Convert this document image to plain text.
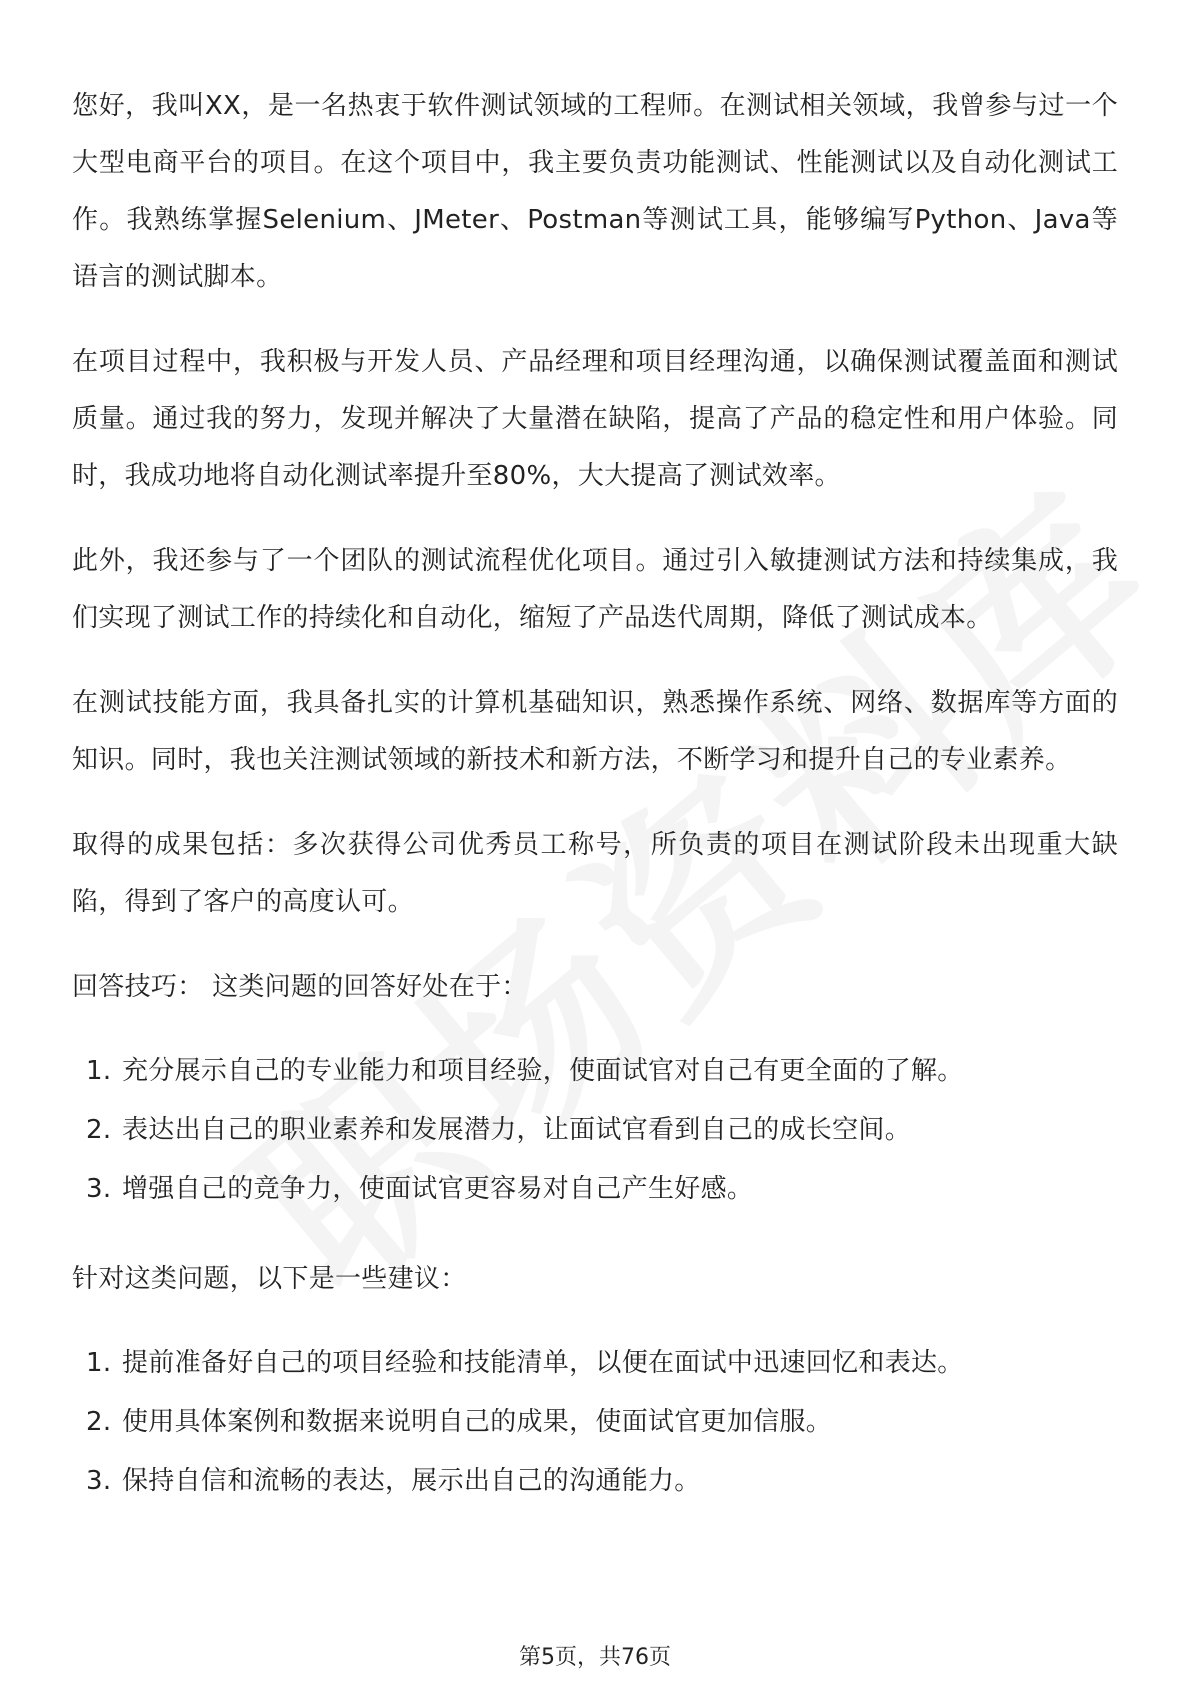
您好，我叫XX，是一名热衷于软件测试领域的工程师。在测试相关领域，我曾参与过一个大型电商平台的项目。在这个项目中，我主要负责功能测试、性能测试以及自动化测试工作。我熟练掌握Selenium、JMeter、Postman等测试工具，能够编写Python、Java等语言的测试脚本。

在项目过程中，我积极与开发人员、产品经理和项目经理沟通，以确保测试覆盖面和测试质量。通过我的努力，发现并解决了大量潜在缺陷，提高了产品的稳定性和用户体验。同时，我成功地将自动化测试率提升至80%，大大提高了测试效率。

此外，我还参与了一个团队的测试流程优化项目。通过引入敏捷测试方法和持续集成，我们实现了测试工作的持续化和自动化，缩短了产品迭代周期，降低了测试成本。

在测试技能方面，我具备扎实的计算机基础知识，熟悉操作系统、网络、数据库等方面的知识。同时，我也关注测试领域的新技术和新方法，不断学习和提升自己的专业素养。

取得的成果包括：多次获得公司优秀员工称号，所负责的项目在测试阶段未出现重大缺陷，得到了客户的高度认可。

回答技巧： 这类问题的回答好处在于：

1. 充分展示自己的专业能力和项目经验，使面试官对自己有更全面的了解。
2. 表达出自己的职业素养和发展潜力，让面试官看到自己的成长空间。
3. 增强自己的竞争力，使面试官更容易对自己产生好感。

针对这类问题，以下是一些建议：

1. 提前准备好自己的项目经验和技能清单，以便在面试中迅速回忆和表达。
2. 使用具体案例和数据来说明自己的成果，使面试官更加信服。
3. 保持自信和流畅的表达，展示出自己的沟通能力。
第5页，共76页
